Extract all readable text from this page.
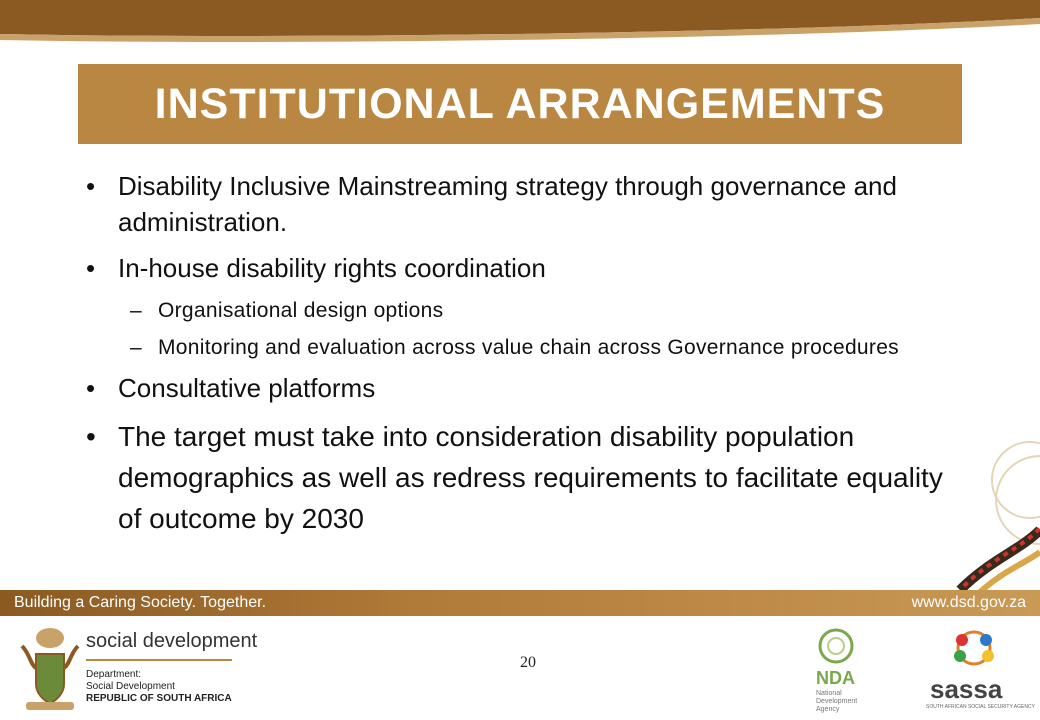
INSTITUTIONAL ARRANGEMENTS
• Disability Inclusive Mainstreaming strategy through governance and administration.
• In-house disability rights coordination
– Organisational design options
– Monitoring and evaluation across value chain across Governance procedures
• Consultative platforms
• The target must take into consideration disability population demographics as well as redress requirements to facilitate equality of outcome by 2030
Building a Caring Society. Together.	www.dsd.gov.za
social development
Department:
Social Development
REPUBLIC OF SOUTH AFRICA
20
NDA
National
Development
Agency
sassa
SOUTH AFRICAN SOCIAL SECURITY AGENCY
